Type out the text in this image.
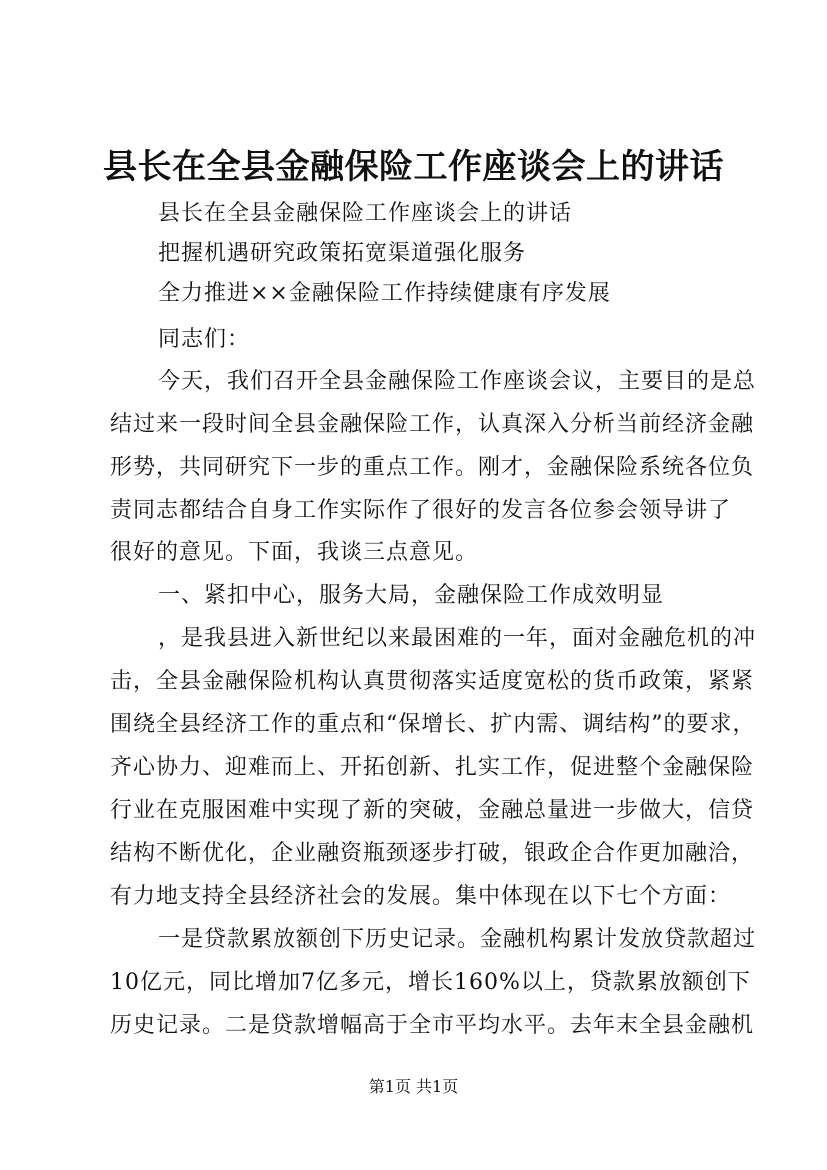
县长在全县金融保险工作座谈会上的讲话
县长在全县金融保险工作座谈会上的讲话
把握机遇研究政策拓宽渠道强化服务
全力推进××金融保险工作持续健康有序发展
同志们：
今天，我们召开全县金融保险工作座谈会议，主要目的是总
结过来一段时间全县金融保险工作，认真深入分析当前经济金融
形势，共同研究下一步的重点工作。刚才，金融保险系统各位负
责同志都结合自身工作实际作了很好的发言各位参会领导讲了
很好的意见。下面，我谈三点意见。
一、紧扣中心，服务大局，金融保险工作成效明显
，是我县进入新世纪以来最困难的一年，面对金融危机的冲
击，全县金融保险机构认真贯彻落实适度宽松的货币政策，紧紧
围绕全县经济工作的重点和“保增长、扩内需、调结构”的要求，
齐心协力、迎难而上、开拓创新、扎实工作，促进整个金融保险
行业在克服困难中实现了新的突破，金融总量进一步做大，信贷
结构不断优化，企业融资瓶颈逐步打破，银政企合作更加融洽，
有力地支持全县经济社会的发展。集中体现在以下七个方面：
一是贷款累放额创下历史记录。金融机构累计发放贷款超过
10亿元，同比增加7亿多元，增长160%以上，贷款累放额创下
历史记录。二是贷款增幅高于全市平均水平。去年末全县金融机
第1页 共1页
